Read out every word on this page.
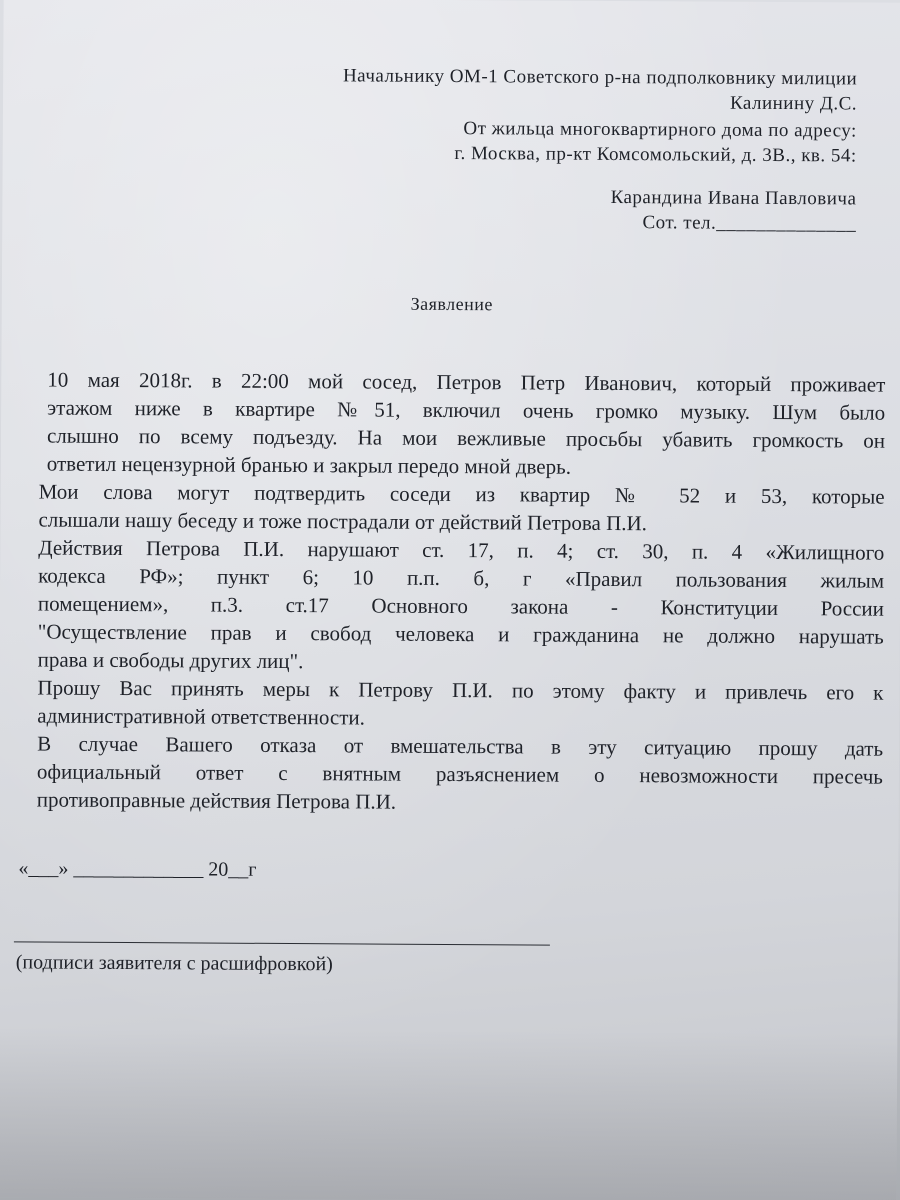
Начальнику ОМ-1 Советского р-на подполковнику милиции
Калинину Д.С.
От жильца многоквартирного дома по адресу:
г. Москва, пр-кт Комсомольский, д. 3В., кв. 54:
Карандина Ивана Павловича
Сот. тел.______________
Заявление

10 мая 2018г. в 22:00 мой сосед, Петров Петр Иванович, который проживает
этажом ниже в квартире №51, включил очень громко музыку. Шум было
слышно по всему подъезду. На мои вежливые просьбы убавить громкость он
ответил нецензурной бранью и закрыл передо мной дверь.

Мои слова могут подтвердить соседи из квартир № 52 и 53, которые
слышали нашу беседу и тоже пострадали от действий Петрова П.И.

Действия Петрова П.И. нарушают ст. 17, п. 4; ст. 30, п. 4 «Жилищного
кодекса РФ»; пункт 6; 10 п.п. б, г «Правил пользования жилым
помещением», п.3. ст.17 Основного закона - Конституции России
"Осуществление прав и свобод человека и гражданина не должно нарушать
права и свободы других лиц".

Прошу Вас принять меры к Петрову П.И. по этому факту и привлечь его к
административной ответственности.

В случае Вашего отказа от вмешательства в эту ситуацию прошу дать
официальный ответ с внятным разъяснением о невозможности пресечь
противоправные действия Петрова П.И.

«___» _____________ 20__г
(подписи заявителя с расшифровкой)
